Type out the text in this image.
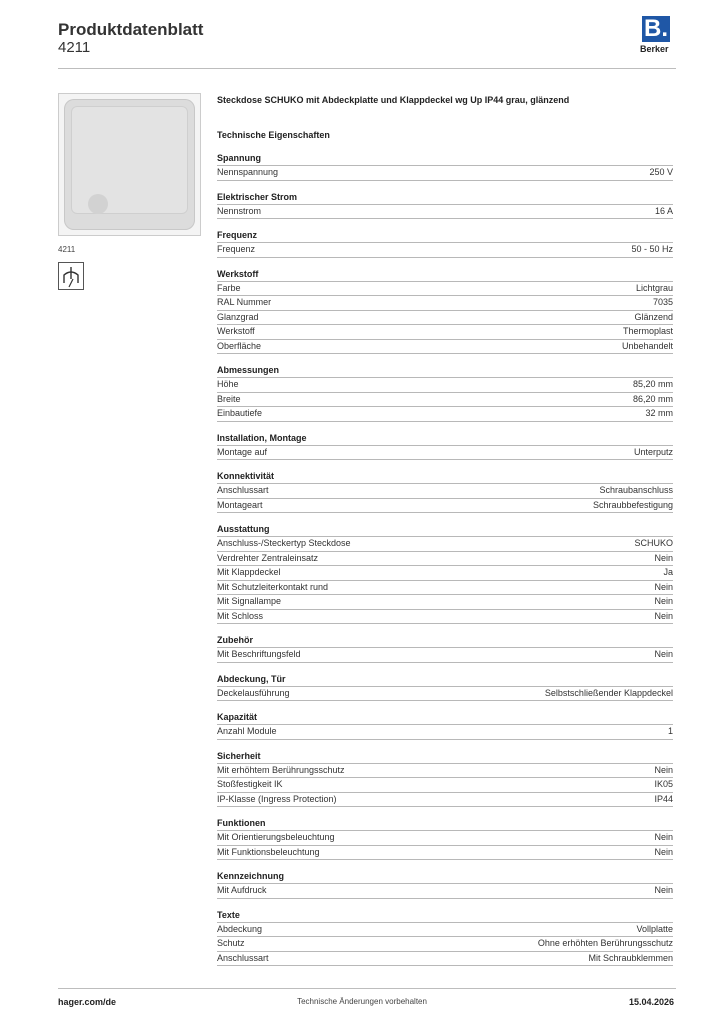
Produktdatenblatt
4211
B.
Berker
4211
Steckdose SCHUKO mit Abdeckplatte und Klappdeckel wg Up IP44 grau, glänzend
Technische Eigenschaften
Spannung
Nennspannung	250 V
Elektrischer Strom
Nennstrom	16 A
Frequenz
Frequenz	50 - 50 Hz
Werkstoff
Farbe	Lichtgrau
RAL Nummer	7035
Glanzgrad	Glänzend
Werkstoff	Thermoplast
Oberfläche	Unbehandelt
Abmessungen
Höhe	85,20 mm
Breite	86,20 mm
Einbautiefe	32 mm
Installation, Montage
Montage auf	Unterputz
Konnektivität
Anschlussart	Schraubanschluss
Montageart	Schraubbefestigung
Ausstattung
Anschluss-/Steckertyp Steckdose	SCHUKO
Verdrehter Zentraleinsatz	Nein
Mit Klappdeckel	Ja
Mit Schutzleiterkontakt rund	Nein
Mit Signallampe	Nein
Mit Schloss	Nein
Zubehör
Mit Beschriftungsfeld	Nein
Abdeckung, Tür
Deckelausführung	Selbstschließender Klappdeckel
Kapazität
Anzahl Module	1
Sicherheit
Mit erhöhtem Berührungsschutz	Nein
Stoßfestigkeit IK	IK05
IP-Klasse (Ingress Protection)	IP44
Funktionen
Mit Orientierungsbeleuchtung	Nein
Mit Funktionsbeleuchtung	Nein
Kennzeichnung
Mit Aufdruck	Nein
Texte
Abdeckung	Vollplatte
Schutz	Ohne erhöhten Berührungsschutz
Anschlussart	Mit Schraubklemmen
hager.com/de	Technische Änderungen vorbehalten	15.04.2026
